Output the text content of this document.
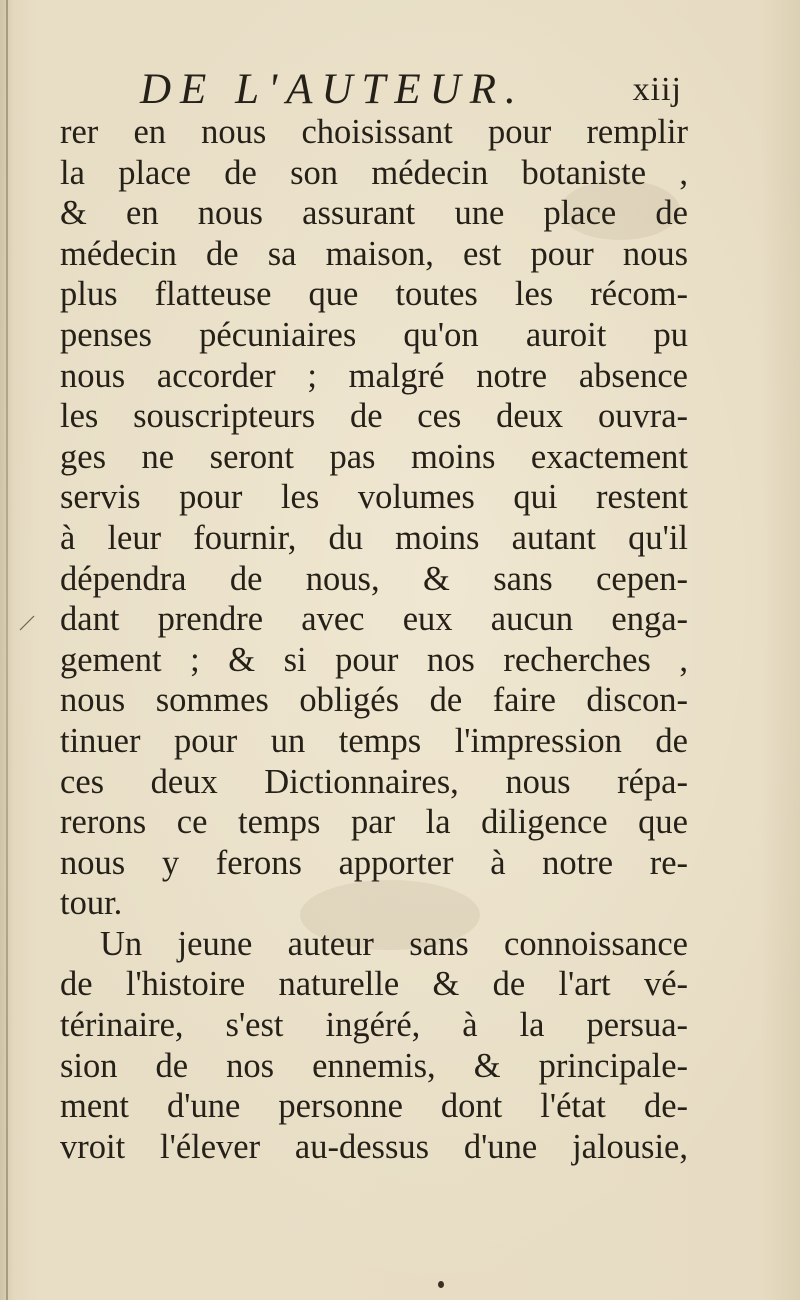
DE L'AUTEUR.	xiij
rer en nous choisissant pour remplir
la place de son médecin botaniste ,
& en nous assurant une place de
médecin de sa maison, est pour nous
plus flatteuse que toutes les récom-
penses pécuniaires qu'on auroit pu
nous accorder ; malgré notre absence
les souscripteurs de ces deux ouvra-
ges ne seront pas moins exactement
servis pour les volumes qui restent
à leur fournir, du moins autant qu'il
dépendra de nous, & sans cepen-
dant prendre avec eux aucun enga-
gement ; & si pour nos recherches ,
nous sommes obligés de faire discon-
tinuer pour un temps l'impression de
ces deux Dictionnaires, nous répa-
rerons ce temps par la diligence que
nous y ferons apporter à notre re-
tour.
Un jeune auteur sans connoissance
de l'histoire naturelle & de l'art vé-
térinaire, s'est ingéré, à la persua-
sion de nos ennemis, & principale-
ment d'une personne dont l'état de-
vroit l'élever au-dessus d'une jalousie,
